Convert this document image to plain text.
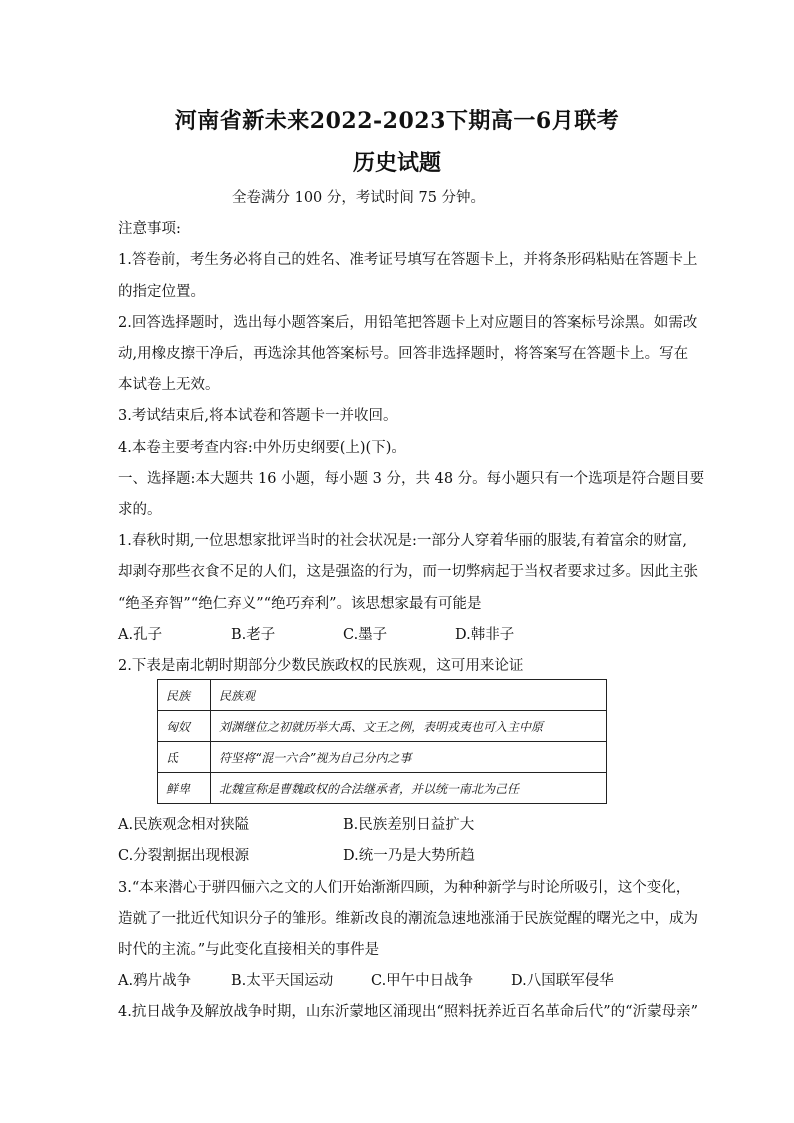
河南省新未来2022-2023下期高一6月联考
历史试题
全卷满分 100 分，考试时间 75 分钟。
注意事项:
1.答卷前，考生务必将自己的姓名、准考证号填写在答题卡上，并将条形码粘贴在答题卡上
的指定位置。
2.回答选择题时，选出每小题答案后，用铅笔把答题卡上对应题目的答案标号涂黑。如需改
动,用橡皮擦干净后，再选涂其他答案标号。回答非选择题时，将答案写在答题卡上。写在
本试卷上无效。
3.考试结束后,将本试卷和答题卡一并收回。
4.本卷主要考查内容:中外历史纲要(上)(下)。
一、选择题:本大题共 16 小题，每小题 3 分，共 48 分。每小题只有一个选项是符合题目要
求的。
1.春秋时期,一位思想家批评当时的社会状况是:一部分人穿着华丽的服装,有着富余的财富,
却剥夺那些衣食不足的人们，这是强盗的行为，而一切弊病起于当权者要求过多。因此主张
“绝圣弃智”“绝仁弃义”“绝巧弃利”。该思想家最有可能是
A.孔子	B.老子	C.墨子	D.韩非子
2.下表是南北朝时期部分少数民族政权的民族观，这可用来论证
民族	民族观
匈奴	刘渊继位之初就历举大禹、文王之例，表明戎夷也可入主中原
氐	符坚将“混一六合”视为自己分内之事
鲜卑	北魏宣称是曹魏政权的合法继承者，并以统一南北为己任
A.民族观念相对狭隘	B.民族差别日益扩大
C.分裂割据出现根源	D.统一乃是大势所趋
3.“本来潜心于骈四俪六之文的人们开始渐渐四顾，为种种新学与时论所吸引，这个变化，
造就了一批近代知识分子的雏形。维新改良的潮流急速地涨涌于民族觉醒的曙光之中，成为
时代的主流。”与此变化直接相关的事件是
A.鸦片战争	B.太平天国运动	C.甲午中日战争	D.八国联军侵华
4.抗日战争及解放战争时期，山东沂蒙地区涌现出“照料抚养近百名革命后代”的“沂蒙母亲”
